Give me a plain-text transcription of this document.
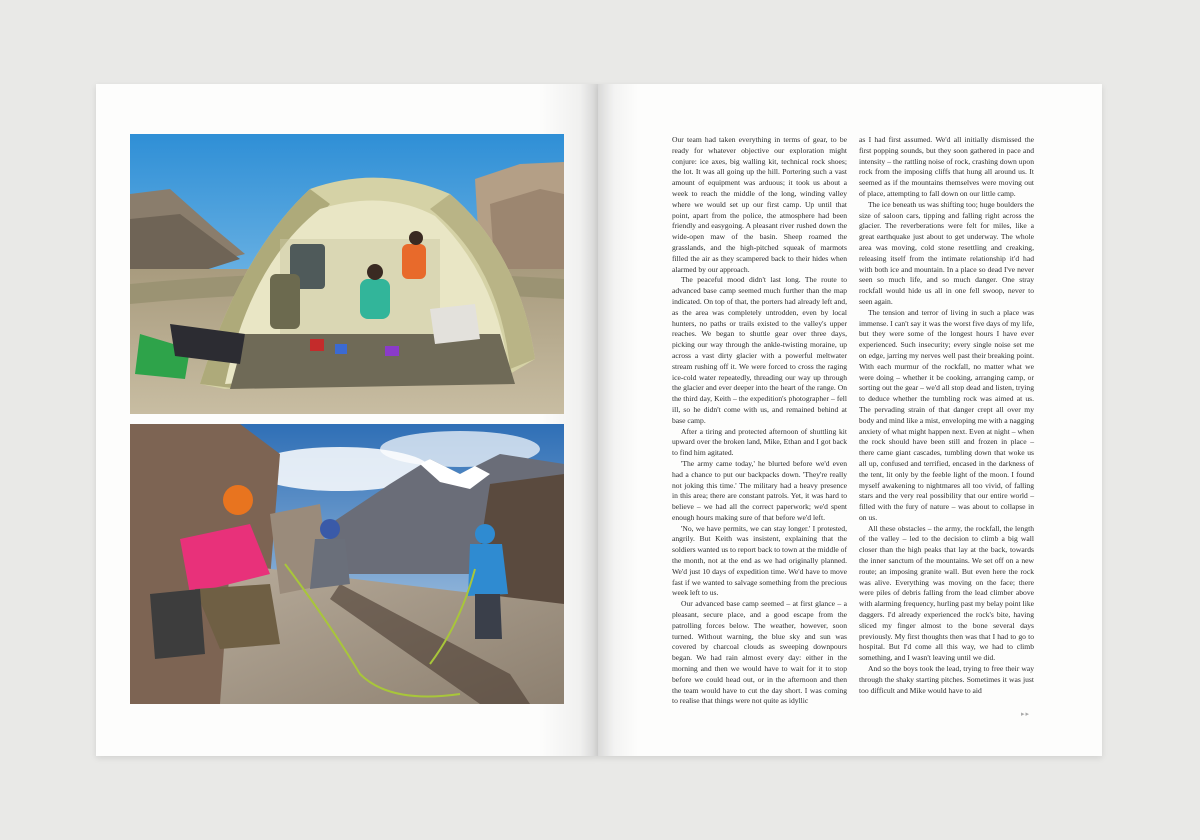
Our team had taken everything in terms of gear, to be ready for whatever objective our exploration might conjure: ice axes, big walling kit, technical rock shoes; the lot. It was all going up the hill. Portering such a vast amount of equipment was arduous; it took us about a week to reach the middle of the long, winding valley where we would set up our first camp. Up until that point, apart from the police, the atmosphere had been friendly and easygoing. A pleasant river rushed down the wide-open maw of the basin. Sheep roamed the grasslands, and the high-pitched squeak of marmots filled the air as they scampered back to their hides when alarmed by our approach.

The peaceful mood didn't last long. The route to advanced base camp seemed much further than the map indicated. On top of that, the porters had already left and, as the area was completely untrodden, even by local hunters, no paths or trails existed to the valley's upper reaches. We began to shuttle gear over three days, picking our way through the ankle-twisting moraine, up across a vast dirty glacier with a powerful meltwater stream rushing off it. We were forced to cross the raging ice-cold water repeatedly, threading our way up through the glacier and ever deeper into the heart of the range. On the third day, Keith – the expedition's photographer – fell ill, so he didn't come with us, and remained behind at base camp.

After a tiring and protected afternoon of shuttling kit upward over the broken land, Mike, Ethan and I got back to find him agitated.

'The army came today,' he blurted before we'd even had a chance to put our backpacks down. 'They're really not joking this time.' The military had a heavy presence in this area; there are constant patrols. Yet, it was hard to believe – we had all the correct paperwork; we'd spent enough hours making sure of that before we'd left.

'No, we have permits, we can stay longer.' I protested, angrily. But Keith was insistent, explaining that the soldiers wanted us to report back to town at the middle of the month, not at the end as we had originally planned. We'd just 10 days of expedition time. We'd have to move fast if we wanted to salvage something from the precious week left to us.

Our advanced base camp seemed – at first glance – a pleasant, secure place, and a good escape from the patrolling forces below. The weather, however, soon turned. Without warning, the blue sky and sun was covered by charcoal clouds as sweeping downpours began. We had rain almost every day: either in the morning and then we would have to wait for it to stop before we could head out, or in the afternoon and then the team would have to cut the day short. I was coming to realise that things were not quite as idyllic

as I had first assumed. We'd all initially dismissed the first popping sounds, but they soon gathered in pace and intensity – the rattling noise of rock, crashing down upon rock from the imposing cliffs that hung all around us. It seemed as if the mountains themselves were moving out of place, attempting to fall down on our little camp.

The ice beneath us was shifting too; huge boulders the size of saloon cars, tipping and falling right across the glacier. The reverberations were felt for miles, like a great earthquake just about to get underway. The whole area was moving, cold stone resettling and creaking, releasing itself from the intimate relationship it'd had with both ice and mountain. In a place so dead I've never seen so much life, and so much danger. One stray rockfall would hide us all in one fell swoop, never to seen again.

The tension and terror of living in such a place was immense. I can't say it was the worst five days of my life, but they were some of the longest hours I have ever experienced. Such insecurity; every single noise set me on edge, jarring my nerves well past their breaking point. With each murmur of the rockfall, no matter what we were doing – whether it be cooking, arranging camp, or sorting out the gear – we'd all stop dead and listen, trying to deduce whether the tumbling rock was aimed at us. The pervading strain of that danger crept all over my body and mind like a mist, enveloping me with a nagging anxiety of what might happen next. Even at night – when the rock should have been still and frozen in place – there came giant cascades, tumbling down that woke us all up, confused and terrified, encased in the darkness of the tent, lit only by the feeble light of the moon. I found myself awakening to nightmares all too vivid, of falling stars and the very real possibility that our entire world – filled with the fury of nature – was about to collapse in on us.

All these obstacles – the army, the rockfall, the length of the valley – led to the decision to climb a big wall closer than the high peaks that lay at the back, towards the inner sanctum of the mountains. We set off on a new route; an imposing granite wall. But even here the rock was alive. Everything was moving on the face; there were piles of debris falling from the lead climber above with alarming frequency, hurling past my belay point like daggers. I'd already experienced the rock's bite, having sliced my finger almost to the bone several days previously. My first thoughts then was that I had to go to hospital. But I'd come all this way, we had to climb something, and I wasn't leaving until we did.

And so the boys took the lead, trying to free their way through the shaky starting pitches. Sometimes it was just too difficult and Mike would have to aid

▸▸
